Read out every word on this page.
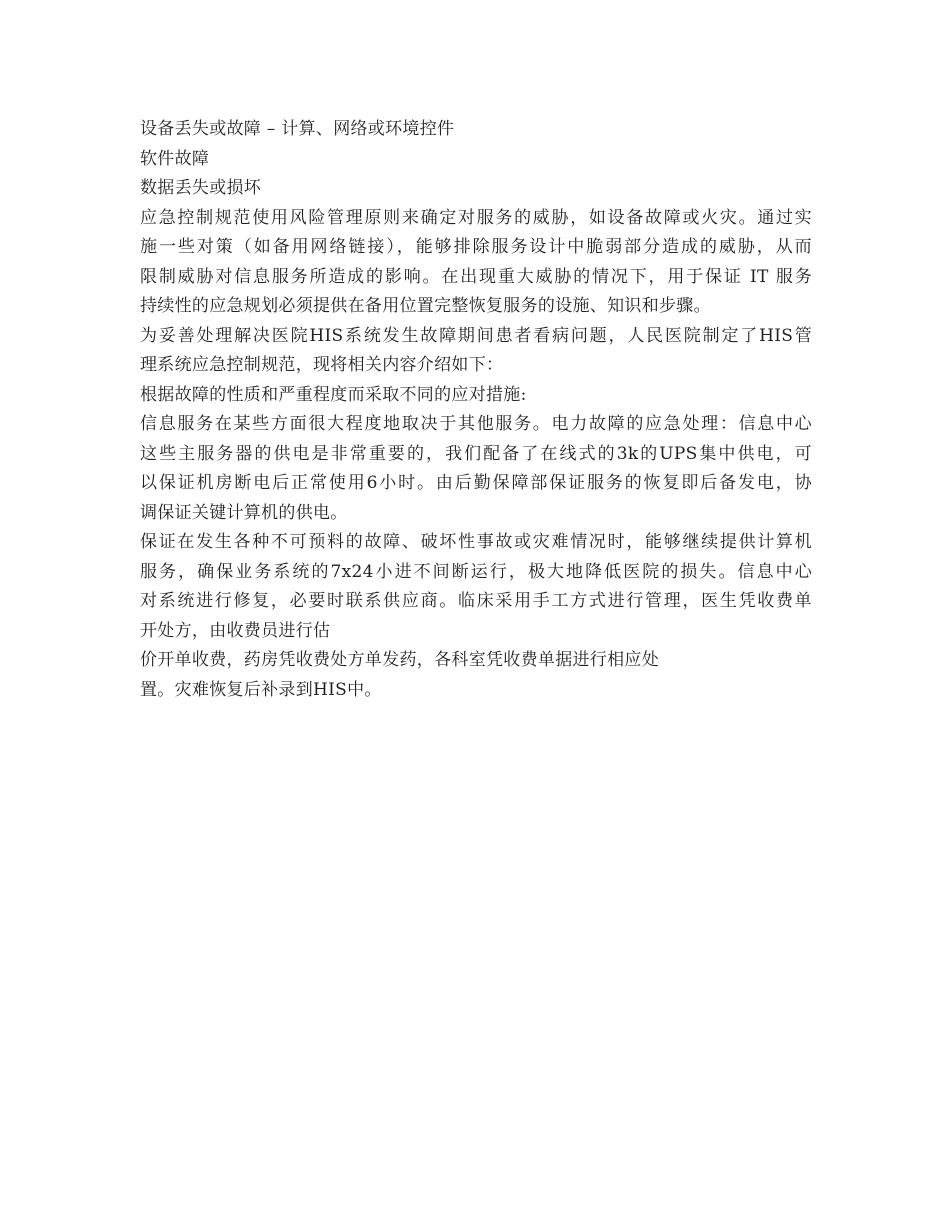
设备丢失或故障 – 计算、网络或环境控件

软件故障

数据丢失或损坏

应急控制规范使用风险管理原则来确定对服务的威胁，如设备故障或火灾。通过实
施一些对策（如备用网络链接），能够排除服务设计中脆弱部分造成的威胁，从而
限制威胁对信息服务所造成的影响。在出现重大威胁的情况下，用于保证 IT 服务
持续性的应急规划必须提供在备用位置完整恢复服务的设施、知识和步骤。
为妥善处理解决医院HIS系统发生故障期间患者看病问题，人民医院制定了HIS管
理系统应急控制规范，现将相关内容介绍如下：

根据故障的性质和严重程度而采取不同的应对措施:

信息服务在某些方面很大程度地取决于其他服务。电力故障的应急处理：信息中心
这些主服务器的供电是非常重要的，我们配备了在线式的3k的UPS集中供电，可
以保证机房断电后正常使用6小时。由后勤保障部保证服务的恢复即后备发电，协
调保证关键计算机的供电。
保证在发生各种不可预料的故障、破坏性事故或灾难情况时，能够继续提供计算机
服务，确保业务系统的7x24小进不间断运行，极大地降低医院的损失。信息中心
对系统进行修复，必要时联系供应商。临床采用手工方式进行管理，医生凭收费单
开处方，由收费员进行估

价开单收费，药房凭收费处方单发药，各科室凭收费单据进行相应处

置。灾难恢复后补录到HIS中。
